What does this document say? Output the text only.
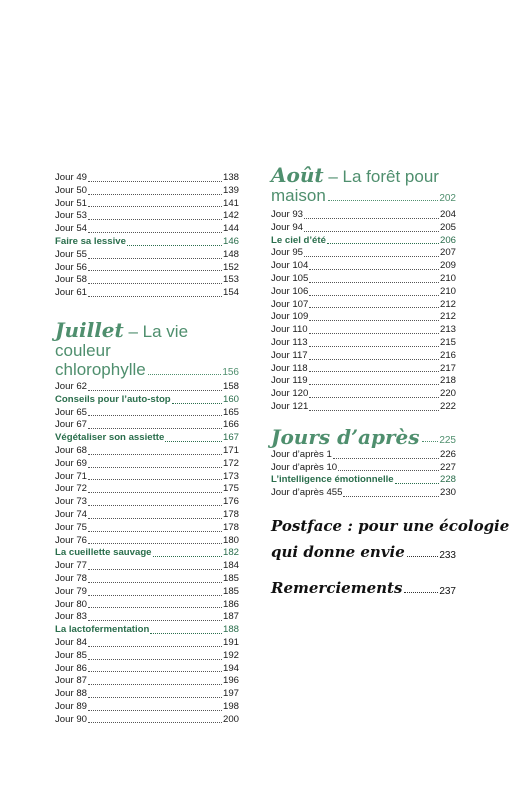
Jour 49	138
Jour 50	139
Jour 51	141
Jour 53	142
Jour 54	144
Faire sa lessive	146
Jour 55	148
Jour 56	152
Jour 58	153
Jour 61	154
Juillet – La vie couleur
chlorophylle	156
Jour 62	158
Conseils pour l’auto-stop	160
Jour 65	165
Jour 67	166
Végétaliser son assiette	167
Jour 68	171
Jour 69	172
Jour 71	173
Jour 72	175
Jour 73	176
Jour 74	178
Jour 75	178
Jour 76	180
La cueillette sauvage	182
Jour 77	184
Jour 78	185
Jour 79	185
Jour 80	186
Jour 83	187
La lactofermentation	188
Jour 84	191
Jour 85	192
Jour 86	194
Jour 87	196
Jour 88	197
Jour 89	198
Jour 90	200
Août – La forêt pour
maison	202
Jour 93	204
Jour 94	205
Le ciel d’été	206
Jour 95	207
Jour 104	209
Jour 105	210
Jour 106	210
Jour 107	212
Jour 109	212
Jour 110	213
Jour 113	215
Jour 117	216
Jour 118	217
Jour 119	218
Jour 120	220
Jour 121	222
Jours d’après 225
Jour d’après 1	226
Jour d’après 10	227
L’intelligence émotionnelle	228
Jour d’après 455	230
Postface : pour une écologie
qui donne envie	233
Remerciements	237
